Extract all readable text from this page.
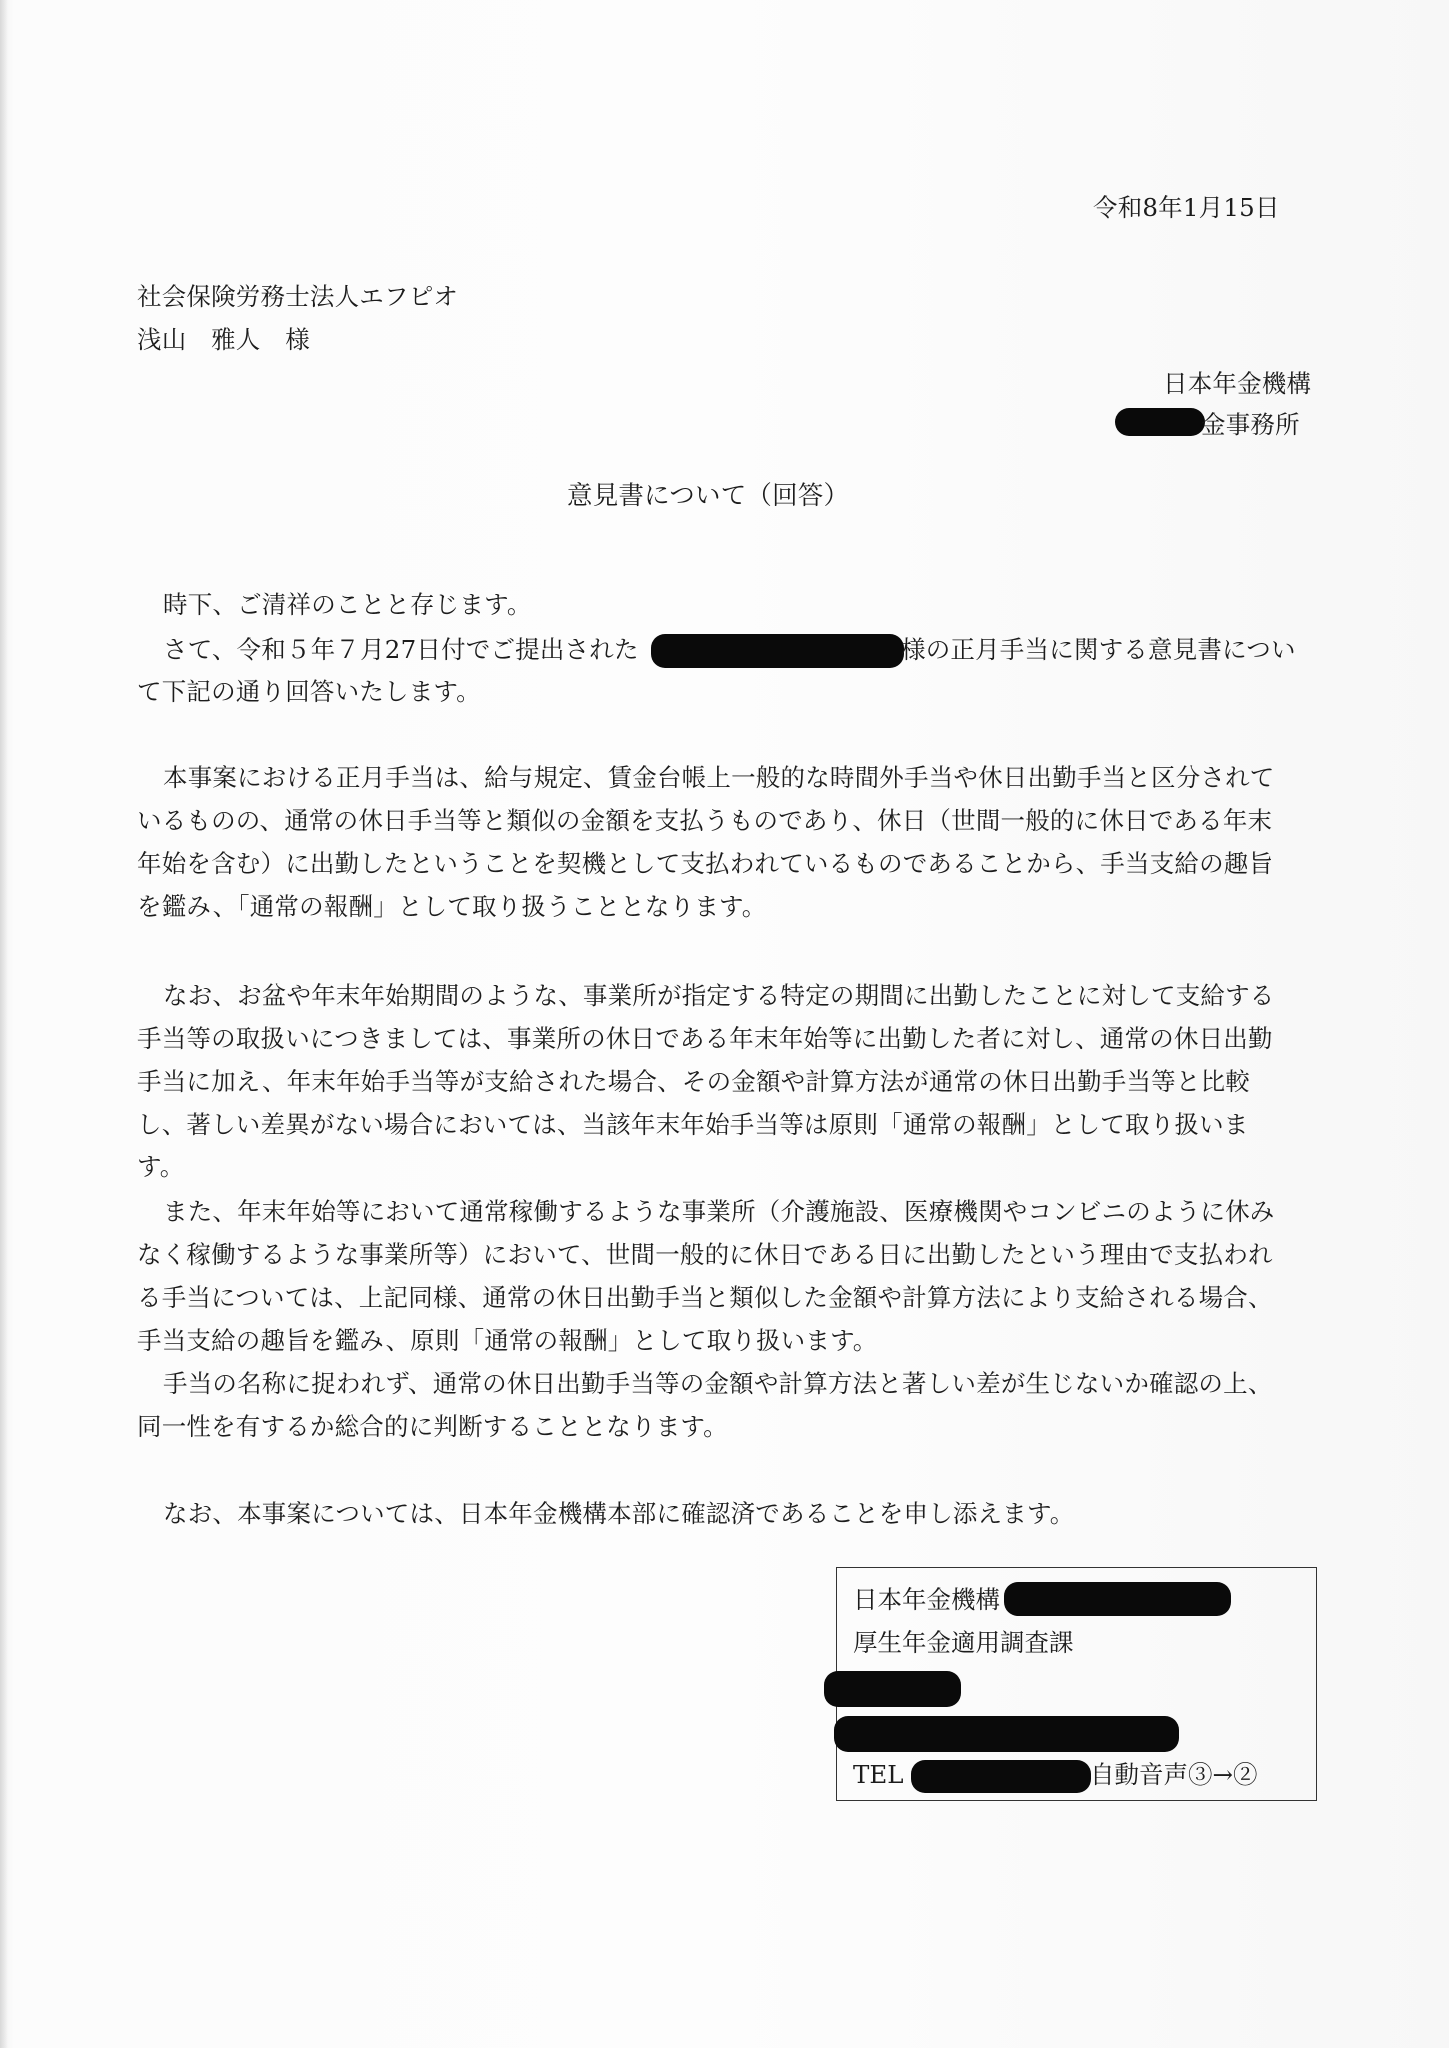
令和8年1月15日
社会保険労務士法人エフピオ
浅山　雅人　様
日本年金機構
金事務所
意見書について（回答）
時下、ご清祥のことと存じます。
さて、令和５年７月27日付でご提出された	様の正月手当に関する意見書につい
て下記の通り回答いたします。
本事案における正月手当は、給与規定、賃金台帳上一般的な時間外手当や休日出勤手当と区分されて
いるものの、通常の休日手当等と類似の金額を支払うものであり、休日（世間一般的に休日である年末
年始を含む）に出勤したということを契機として支払われているものであることから、手当支給の趣旨
を鑑み、「通常の報酬」として取り扱うこととなります。
なお、お盆や年末年始期間のような、事業所が指定する特定の期間に出勤したことに対して支給する
手当等の取扱いにつきましては、事業所の休日である年末年始等に出勤した者に対し、通常の休日出勤
手当に加え、年末年始手当等が支給された場合、その金額や計算方法が通常の休日出勤手当等と比較
し、著しい差異がない場合においては、当該年末年始手当等は原則「通常の報酬」として取り扱いま
す。
また、年末年始等において通常稼働するような事業所（介護施設、医療機関やコンビニのように休み
なく稼働するような事業所等）において、世間一般的に休日である日に出勤したという理由で支払われ
る手当については、上記同様、通常の休日出勤手当と類似した金額や計算方法により支給される場合、
手当支給の趣旨を鑑み、原則「通常の報酬」として取り扱います。
手当の名称に捉われず、通常の休日出勤手当等の金額や計算方法と著しい差が生じないか確認の上、
同一性を有するか総合的に判断することとなります。
なお、本事案については、日本年金機構本部に確認済であることを申し添えます。
日本年金機構
厚生年金適用調査課
TEL	自動音声③→②
